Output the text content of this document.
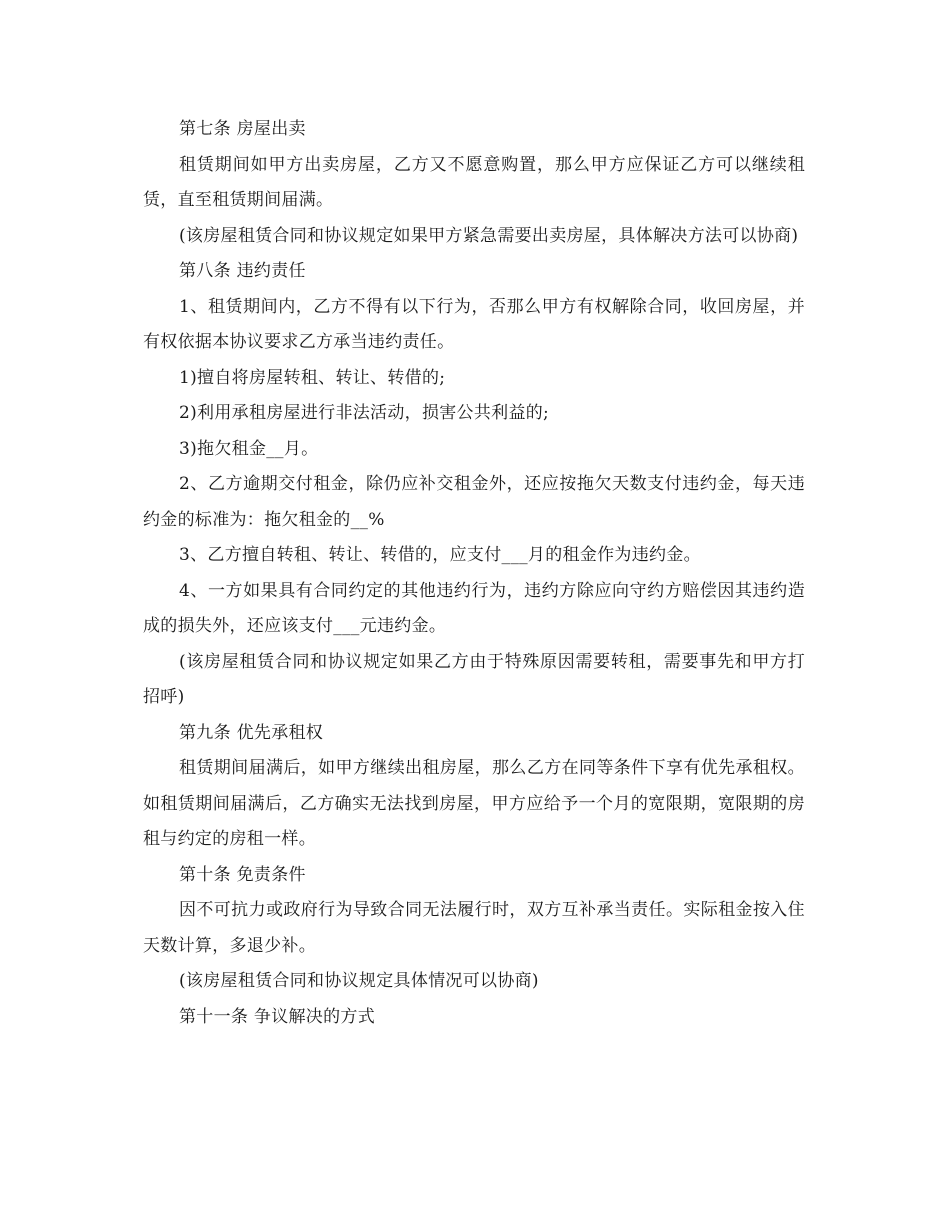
第七条 房屋出卖

租赁期间如甲方出卖房屋，乙方又不愿意购置，那么甲方应保证乙方可以继续租赁，直至租赁期间届满。

(该房屋租赁合同和协议规定如果甲方紧急需要出卖房屋，具体解决方法可以协商)

第八条 违约责任

1、租赁期间内，乙方不得有以下行为，否那么甲方有权解除合同，收回房屋，并有权依据本协议要求乙方承当违约责任。

1)擅自将房屋转租、转让、转借的;

2)利用承租房屋进行非法活动，损害公共利益的;

3)拖欠租金__月。

2、乙方逾期交付租金，除仍应补交租金外，还应按拖欠天数支付违约金，每天违约金的标准为：拖欠租金的__%

3、乙方擅自转租、转让、转借的，应支付___月的租金作为违约金。

4、一方如果具有合同约定的其他违约行为，违约方除应向守约方赔偿因其违约造成的损失外，还应该支付___元违约金。

(该房屋租赁合同和协议规定如果乙方由于特殊原因需要转租，需要事先和甲方打招呼)

第九条 优先承租权

租赁期间届满后，如甲方继续出租房屋，那么乙方在同等条件下享有优先承租权。如租赁期间届满后，乙方确实无法找到房屋，甲方应给予一个月的宽限期，宽限期的房租与约定的房租一样。

第十条 免责条件

因不可抗力或政府行为导致合同无法履行时，双方互补承当责任。实际租金按入住天数计算，多退少补。

(该房屋租赁合同和协议规定具体情况可以协商)

第十一条 争议解决的方式
